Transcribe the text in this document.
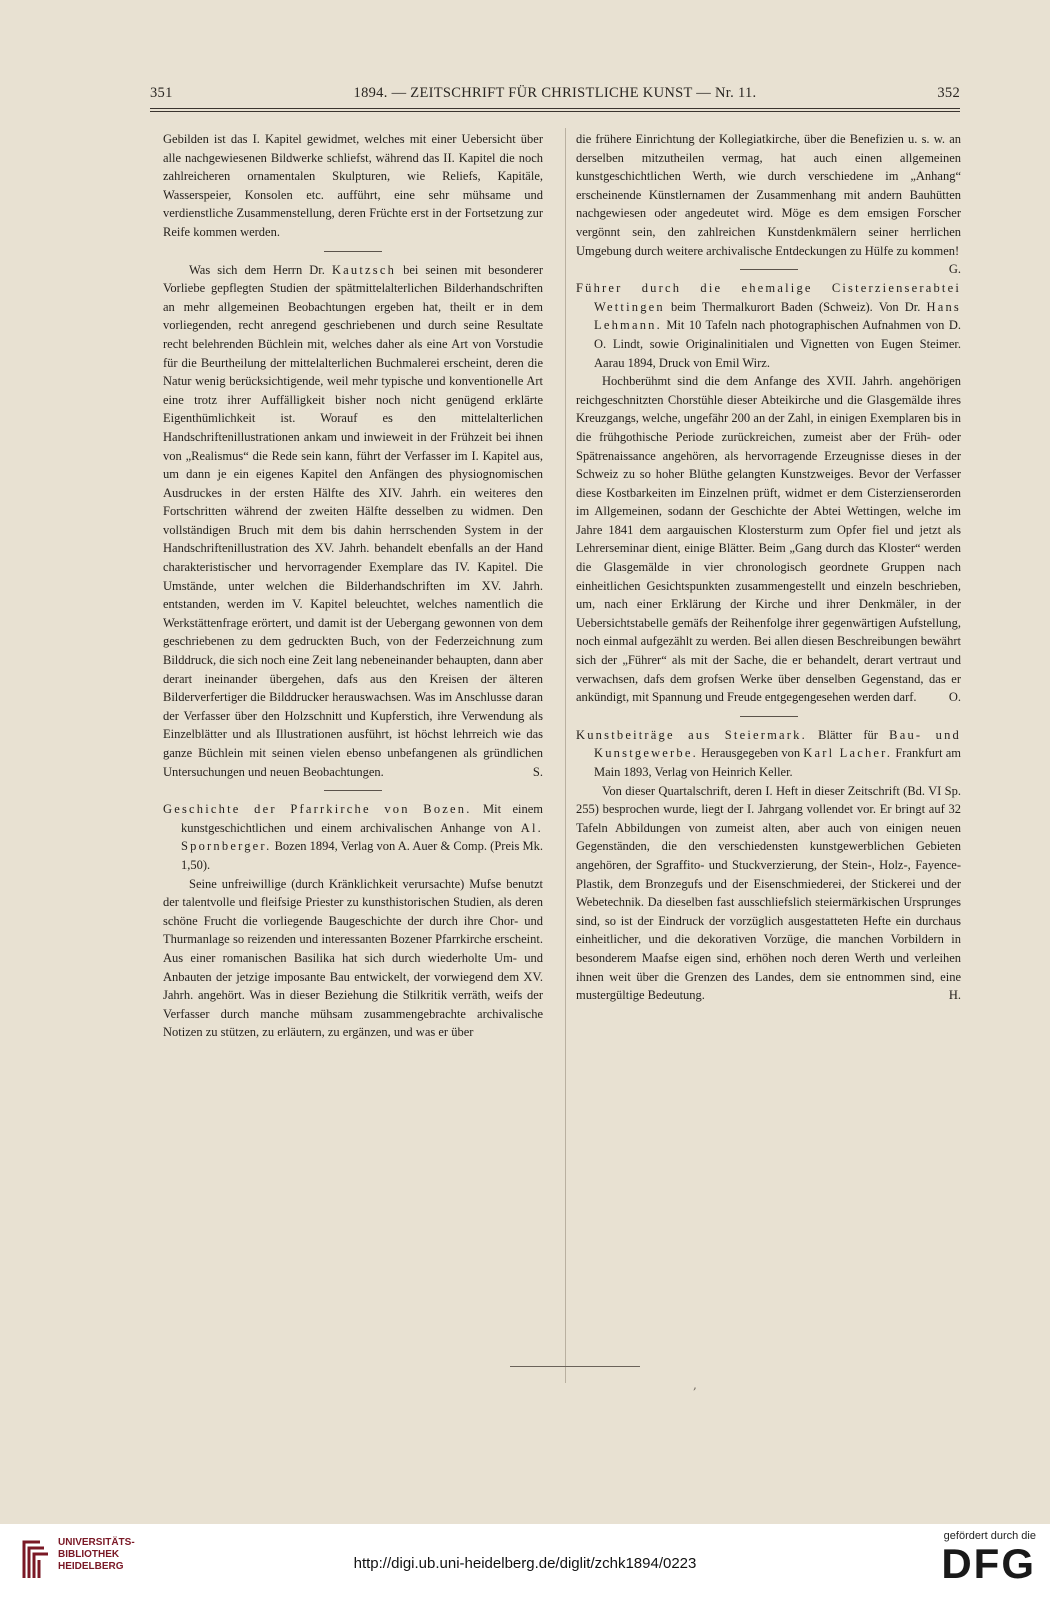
351	1894. — ZEITSCHRIFT FÜR CHRISTLICHE KUNST — Nr. 11.	352

Gebilden ist das I. Kapitel gewidmet, welches mit einer Uebersicht über alle nachgewiesenen Bildwerke schliefst, während das II. Kapitel die noch zahlreicheren ornamentalen Skulpturen, wie Reliefs, Kapitäle, Wasserspeier, Konsolen etc. aufführt, eine sehr mühsame und verdienstliche Zusammenstellung, deren Früchte erst in der Fortsetzung zur Reife kommen werden.

Was sich dem Herrn Dr. Kautzsch bei seinen mit besonderer Vorliebe gepflegten Studien der spätmittelalterlichen Bilderhandschriften an mehr allgemeinen Beobachtungen ergeben hat, theilt er in dem vorliegenden, recht anregend geschriebenen und durch seine Resultate recht belehrenden Büchlein mit, welches daher als eine Art von Vorstudie für die Beurtheilung der mittelalterlichen Buchmalerei erscheint, deren die Natur wenig berücksichtigende, weil mehr typische und konventionelle Art eine trotz ihrer Auffälligkeit bisher noch nicht genügend erklärte Eigenthümlichkeit ist. Worauf es den mittelalterlichen Handschriftenillustrationen ankam und inwieweit in der Frühzeit bei ihnen von „Realismus“ die Rede sein kann, führt der Verfasser im I. Kapitel aus, um dann je ein eigenes Kapitel den Anfängen des physiognomischen Ausdruckes in der ersten Hälfte des XIV. Jahrh. ein weiteres den Fortschritten während der zweiten Hälfte desselben zu widmen. Den vollständigen Bruch mit dem bis dahin herrschenden System in der Handschriftenillustration des XV. Jahrh. behandelt ebenfalls an der Hand charakteristischer und hervorragender Exemplare das IV. Kapitel. Die Umstände, unter welchen die Bilderhandschriften im XV. Jahrh. entstanden, werden im V. Kapitel beleuchtet, welches namentlich die Werkstättenfrage erörtert, und damit ist der Uebergang gewonnen von dem geschriebenen zu dem gedruckten Buch, von der Federzeichnung zum Bilddruck, die sich noch eine Zeit lang nebeneinander behaupten, dann aber derart ineinander übergehen, dafs aus den Kreisen der älteren Bilderverfertiger die Bilddrucker herauswachsen. Was im Anschlusse daran der Verfasser über den Holzschnitt und Kupferstich, ihre Verwendung als Einzelblätter und als Illustrationen ausführt, ist höchst lehrreich wie das ganze Büchlein mit seinen vielen ebenso unbefangenen als gründlichen Untersuchungen und neuen Beobachtungen.	S.

Geschichte der Pfarrkirche von Bozen. Mit einem kunstgeschichtlichen und einem archivalischen Anhange von Al. Spornberger. Bozen 1894, Verlag von A. Auer & Comp. (Preis Mk. 1,50).

Seine unfreiwillige (durch Kränklichkeit verursachte) Mufse benutzt der talentvolle und fleifsige Priester zu kunsthistorischen Studien, als deren schöne Frucht die vorliegende Baugeschichte der durch ihre Chor- und Thurmanlage so reizenden und interessanten Bozener Pfarrkirche erscheint. Aus einer romanischen Basilika hat sich durch wiederholte Um- und Anbauten der jetzige imposante Bau entwickelt, der vorwiegend dem XV. Jahrh. angehört. Was in dieser Beziehung die Stilkritik verräth, weifs der Verfasser durch manche mühsam zusammengebrachte archivalische Notizen zu stützen, zu erläutern, zu ergänzen, und was er über

die frühere Einrichtung der Kollegiatkirche, über die Benefizien u. s. w. an derselben mitzutheilen vermag, hat auch einen allgemeinen kunstgeschichtlichen Werth, wie durch verschiedene im „Anhang“ erscheinende Künstlernamen der Zusammenhang mit andern Bauhütten nachgewiesen oder angedeutet wird. Möge es dem emsigen Forscher vergönnt sein, den zahlreichen Kunstdenkmälern seiner herrlichen Umgebung durch weitere archivalische Entdeckungen zu Hülfe zu kommen!
G.

Führer durch die ehemalige Cisterzienserabtei Wettingen beim Thermalkurort Baden (Schweiz). Von Dr. Hans Lehmann. Mit 10 Tafeln nach photographischen Aufnahmen von D. O. Lindt, sowie Originalinitialen und Vignetten von Eugen Steimer. Aarau 1894, Druck von Emil Wirz.

Hochberühmt sind die dem Anfange des XVII. Jahrh. angehörigen reichgeschnitzten Chorstühle dieser Abteikirche und die Glasgemälde ihres Kreuzgangs, welche, ungefähr 200 an der Zahl, in einigen Exemplaren bis in die frühgothische Periode zurückreichen, zumeist aber der Früh- oder Spätrenaissance angehören, als hervorragende Erzeugnisse dieses in der Schweiz zu so hoher Blüthe gelangten Kunstzweiges. Bevor der Verfasser diese Kostbarkeiten im Einzelnen prüft, widmet er dem Cisterzienserorden im Allgemeinen, sodann der Geschichte der Abtei Wettingen, welche im Jahre 1841 dem aargauischen Klostersturm zum Opfer fiel und jetzt als Lehrerseminar dient, einige Blätter. Beim „Gang durch das Kloster“ werden die Glasgemälde in vier chronologisch geordnete Gruppen nach einheitlichen Gesichtspunkten zusammengestellt und einzeln beschrieben, um, nach einer Erklärung der Kirche und ihrer Denkmäler, in der Uebersichtstabelle gemäfs der Reihenfolge ihrer gegenwärtigen Aufstellung, noch einmal aufgezählt zu werden. Bei allen diesen Beschreibungen bewährt sich der „Führer“ als mit der Sache, die er behandelt, derart vertraut und verwachsen, dafs dem grofsen Werke über denselben Gegenstand, das er ankündigt, mit Spannung und Freude entgegengesehen werden darf.	O.

Kunstbeiträge aus Steiermark. Blätter für Bau- und Kunstgewerbe. Herausgegeben von Karl Lacher. Frankfurt am Main 1893, Verlag von Heinrich Keller.

Von dieser Quartalschrift, deren I. Heft in dieser Zeitschrift (Bd. VI Sp. 255) besprochen wurde, liegt der I. Jahrgang vollendet vor. Er bringt auf 32 Tafeln Abbildungen von zumeist alten, aber auch von einigen neuen Gegenständen, die den verschiedensten kunstgewerblichen Gebieten angehören, der Sgraffito- und Stuckverzierung, der Stein-, Holz-, Fayence-Plastik, dem Bronzegufs und der Eisenschmiederei, der Stickerei und der Webetechnik. Da dieselben fast ausschliefslich steiermärkischen Ursprunges sind, so ist der Eindruck der vorzüglich ausgestatteten Hefte ein durchaus einheitlicher, und die dekorativen Vorzüge, die manchen Vorbildern in besonderem Maafse eigen sind, erhöhen noch deren Werth und verleihen ihnen weit über die Grenzen des Landes, dem sie entnommen sind, eine mustergültige Bedeutung.	H.

,
UNIVERSITÄTS-
BIBLIOTHEK
HEIDELBERG	http://digi.ub.uni-heidelberg.de/diglit/zchk1894/0223
gefördert durch die
DFG
